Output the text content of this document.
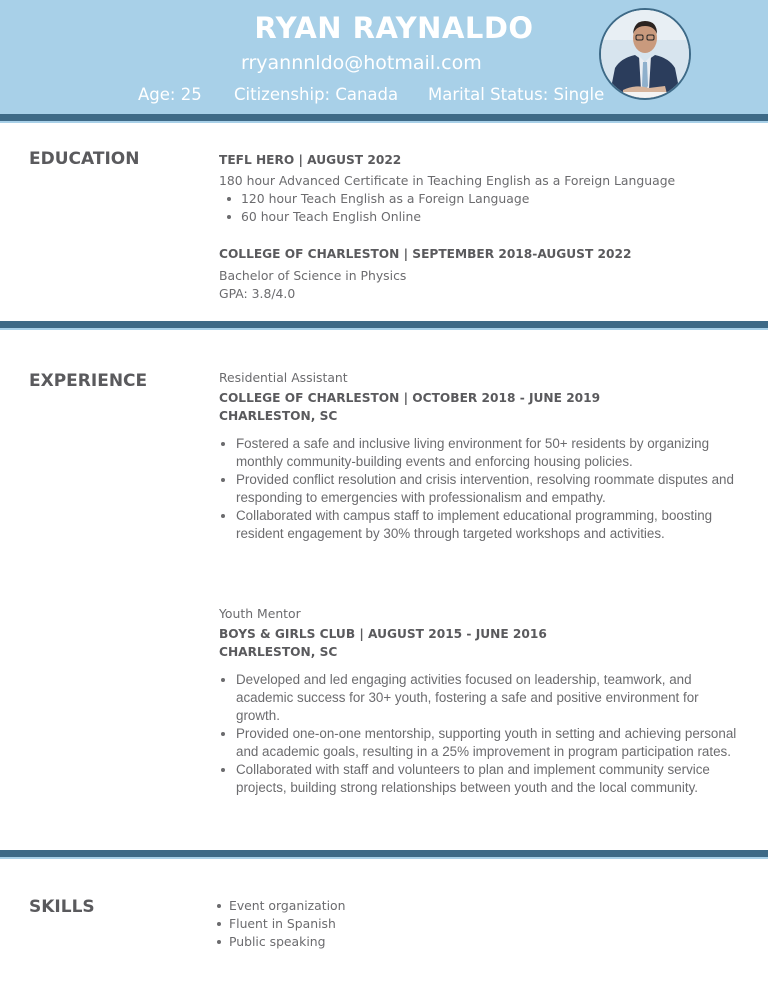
RYAN RAYNALDO
rryannnldo@hotmail.com
Age: 25 Citizenship: Canada Marital Status: Single
EDUCATION	TEFL HERO | AUGUST 2022
180 hour Advanced Certificate in Teaching English as a Foreign Language
120 hour Teach English as a Foreign Language
60 hour Teach English Online
COLLEGE OF CHARLESTON | SEPTEMBER 2018-AUGUST 2022
Bachelor of Science in Physics
GPA: 3.8/4.0
EXPERIENCE	Residential Assistant
COLLEGE OF CHARLESTON | OCTOBER 2018 - JUNE 2019
CHARLESTON, SC
Fostered a safe and inclusive living environment for 50+ residents by organizing monthly community-building events and enforcing housing policies.
Provided conflict resolution and crisis intervention, resolving roommate disputes and responding to emergencies with professionalism and empathy.
Collaborated with campus staff to implement educational programming, boosting resident engagement by 30% through targeted workshops and activities.
Youth Mentor
BOYS & GIRLS CLUB | AUGUST 2015 - JUNE 2016
CHARLESTON, SC
Developed and led engaging activities focused on leadership, teamwork, and academic success for 30+ youth, fostering a safe and positive environment for growth.
Provided one-on-one mentorship, supporting youth in setting and achieving personal and academic goals, resulting in a 25% improvement in program participation rates.
Collaborated with staff and volunteers to plan and implement community service projects, building strong relationships between youth and the local community.
SKILLS	Event organization
Fluent in Spanish
Public speaking
